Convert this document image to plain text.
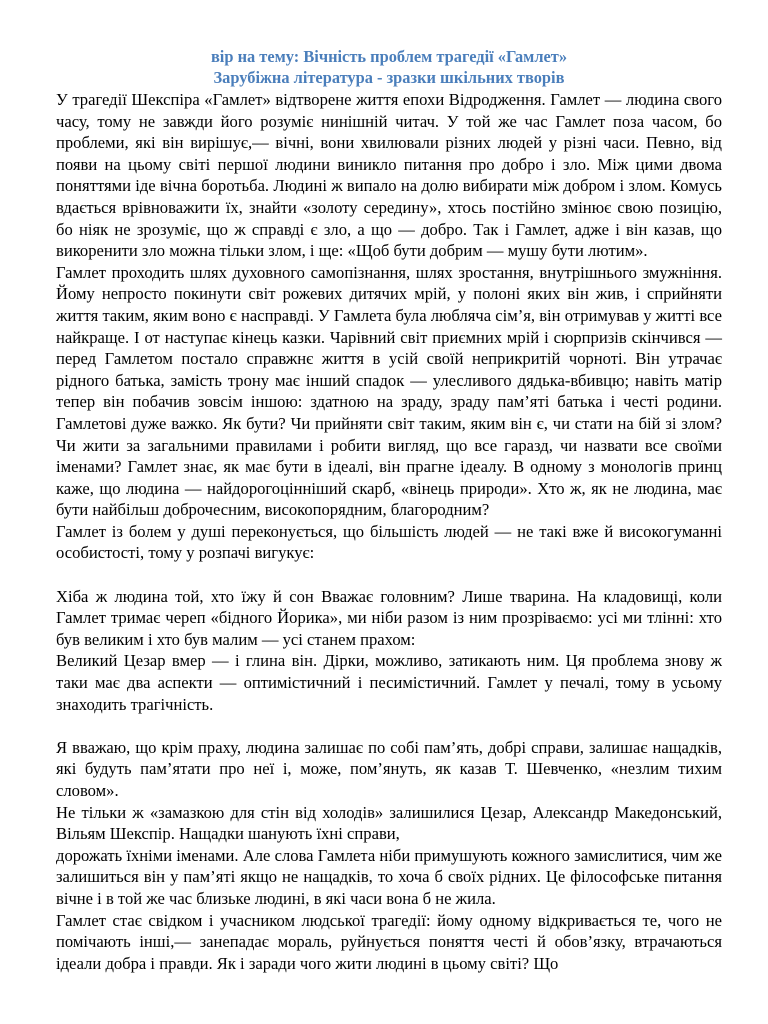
вір на тему: Вічність проблем трагедії «Гамлет»
Зарубіжна література - зразки шкільних творів

У трагедії Шекспіра «Гамлет» відтворене життя епохи Відродження. Гамлет — людина свого часу, тому не завжди його розуміє нинішній читач. У той же час Гамлет поза часом, бо проблеми, які він вирішує,— вічні, вони хвилювали різних людей у різні часи. Певно, від появи на цьому світі першої людини виникло питання про добро і зло. Між цими двома поняттями іде вічна боротьба. Людині ж випало на долю вибирати між добром і злом. Комусь вдається врівноважити їх, знайти «золоту середину», хтось постійно змінює свою позицію, бо ніяк не зрозуміє, що ж справді є зло, а що — добро. Так і Гамлет, адже і він казав, що викоренити зло можна тільки злом, і ще: «Щоб бути добрим — мушу бути лютим».

Гамлет проходить шлях духовного самопізнання, шлях зростання, внутрішнього змужніння. Йому непросто покинути світ рожевих дитячих мрій, у полоні яких він жив, і сприйняти життя таким, яким воно є насправді. У Гамлета була любляча сім’я, він отримував у житті все найкраще. І от наступає кінець казки. Чарівний світ приємних мрій і сюрпризів скінчився — перед Гамлетом постало справжнє життя в усій своїй неприкритій чорноті. Він утрачає рідного батька, замість трону має інший спадок — улесливого дядька-вбивцю; навіть матір тепер він побачив зовсім іншою: здатною на зраду, зраду пам’яті батька і честі родини. Гамлетові дуже важко. Як бути? Чи прийняти світ таким, яким він є, чи стати на бій зі злом? Чи жити за загальними правилами і робити вигляд, що все гаразд, чи назвати все своїми іменами? Гамлет знає, як має бути в ідеалі, він прагне ідеалу. В одному з монологів принц каже, що людина — найдорогоцінніший скарб, «вінець природи». Хто ж, як не людина, має бути найбільш доброчесним, високопорядним, благородним?

Гамлет із болем у душі переконується, що більшість людей — не такі вже й високогуманні особистості, тому у розпачі вигукує:

Хіба ж людина той, хто їжу й сон Вважає головним? Лише тварина. На кладовищі, коли Гамлет тримає череп «бідного Йорика», ми ніби разом із ним прозріваємо: усі ми тлінні: хто був великим і хто був малим — усі станем прахом:

Великий Цезар вмер — і глина він. Дірки, можливо, затикають ним. Ця проблема знову ж таки має два аспекти — оптимістичний і песимістичний. Гамлет у печалі, тому в усьому знаходить трагічність.

Я вважаю, що крім праху, людина залишає по собі пам’ять, добрі справи, залишає нащадків, які будуть пам’ятати про неї і, може, пом’януть, як казав Т. Шевченко, «незлим тихим словом».

Не тільки ж «замазкою для стін від холодів» залишилися Цезар, Александр Македонський, Вільям Шекспір. Нащадки шанують їхні справи,

дорожать їхніми іменами. Але слова Гамлета ніби примушують кожного замислитися, чим же залишиться він у пам’яті якщо не нащадків, то хоча б своїх рідних. Це філософське питання вічне і в той же час близьке людині, в які часи вона б не жила.

Гамлет стає свідком і учасником людської трагедії: йому одному відкривається те, чого не помічають інші,— занепадає мораль, руйнується поняття честі й обов’язку, втрачаються ідеали добра і правди. Як і заради чого жити людині в цьому світі? Що
